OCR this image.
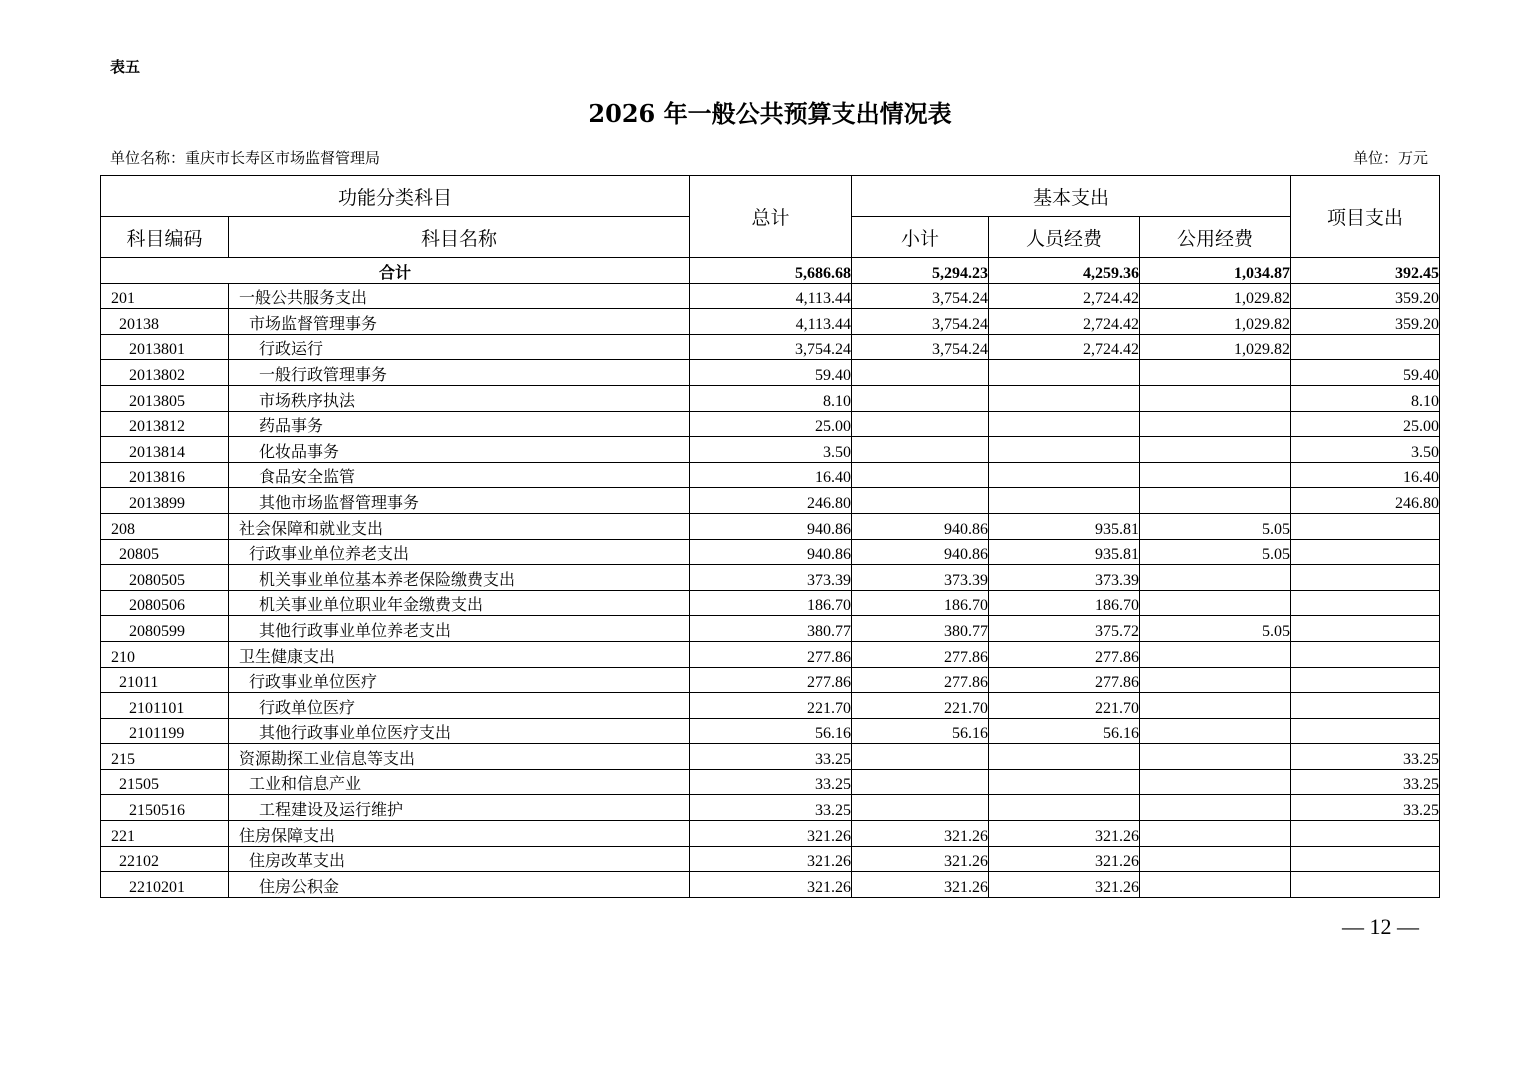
表五
2026 年一般公共预算支出情况表
单位名称：重庆市长寿区市场监督管理局	单位：万元
功能分类科目		总计	基本支出			项目支出
科目编码	科目名称		小计	人员经费	公用经费	
合计		5,686.68	5,294.23	4,259.36	1,034.87	392.45
201	一般公共服务支出	4,113.44	3,754.24	2,724.42	1,029.82	359.20
20138	市场监督管理事务	4,113.44	3,754.24	2,724.42	1,029.82	359.20
2013801	行政运行	3,754.24	3,754.24	2,724.42	1,029.82	
2013802	一般行政管理事务	59.40				59.40
2013805	市场秩序执法	8.10				8.10
2013812	药品事务	25.00				25.00
2013814	化妆品事务	3.50				3.50
2013816	食品安全监管	16.40				16.40
2013899	其他市场监督管理事务	246.80				246.80
208	社会保障和就业支出	940.86	940.86	935.81	5.05	
20805	行政事业单位养老支出	940.86	940.86	935.81	5.05	
2080505	机关事业单位基本养老保险缴费支出	373.39	373.39	373.39		
2080506	机关事业单位职业年金缴费支出	186.70	186.70	186.70		
2080599	其他行政事业单位养老支出	380.77	380.77	375.72	5.05	
210	卫生健康支出	277.86	277.86	277.86		
21011	行政事业单位医疗	277.86	277.86	277.86		
2101101	行政单位医疗	221.70	221.70	221.70		
2101199	其他行政事业单位医疗支出	56.16	56.16	56.16		
215	资源勘探工业信息等支出	33.25				33.25
21505	工业和信息产业	33.25				33.25
2150516	工程建设及运行维护	33.25				33.25
221	住房保障支出	321.26	321.26	321.26		
22102	住房改革支出	321.26	321.26	321.26		
2210201	住房公积金	321.26	321.26	321.26		
— 12 —
